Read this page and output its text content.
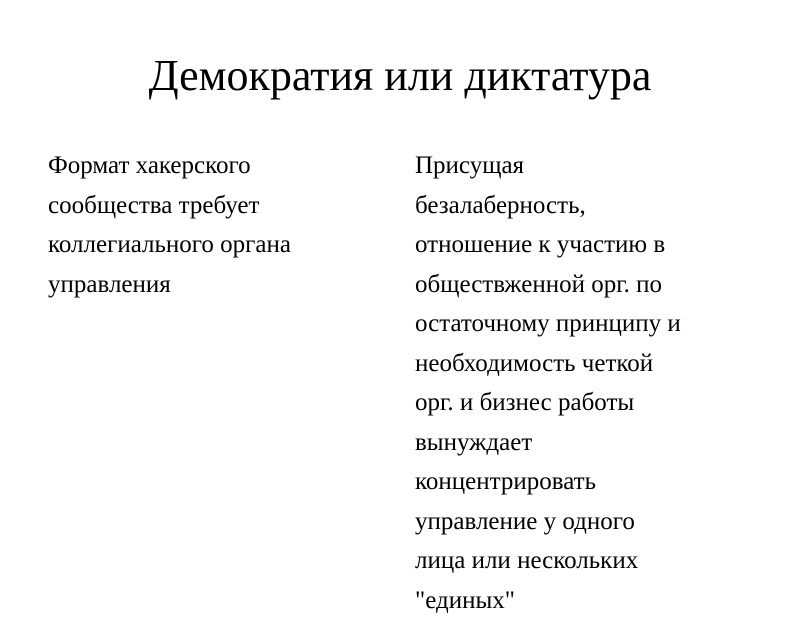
Демократия или диктатура
Формат хакерского
сообщества требует
коллегиального органа
управления
Присущая
безалаберность,
отношение к участию в
обществженной орг. по
остаточному принципу и
необходимость четкой
орг. и бизнес работы
вынуждает
концентрировать
управление у одного
лица или нескольких
"единых"
